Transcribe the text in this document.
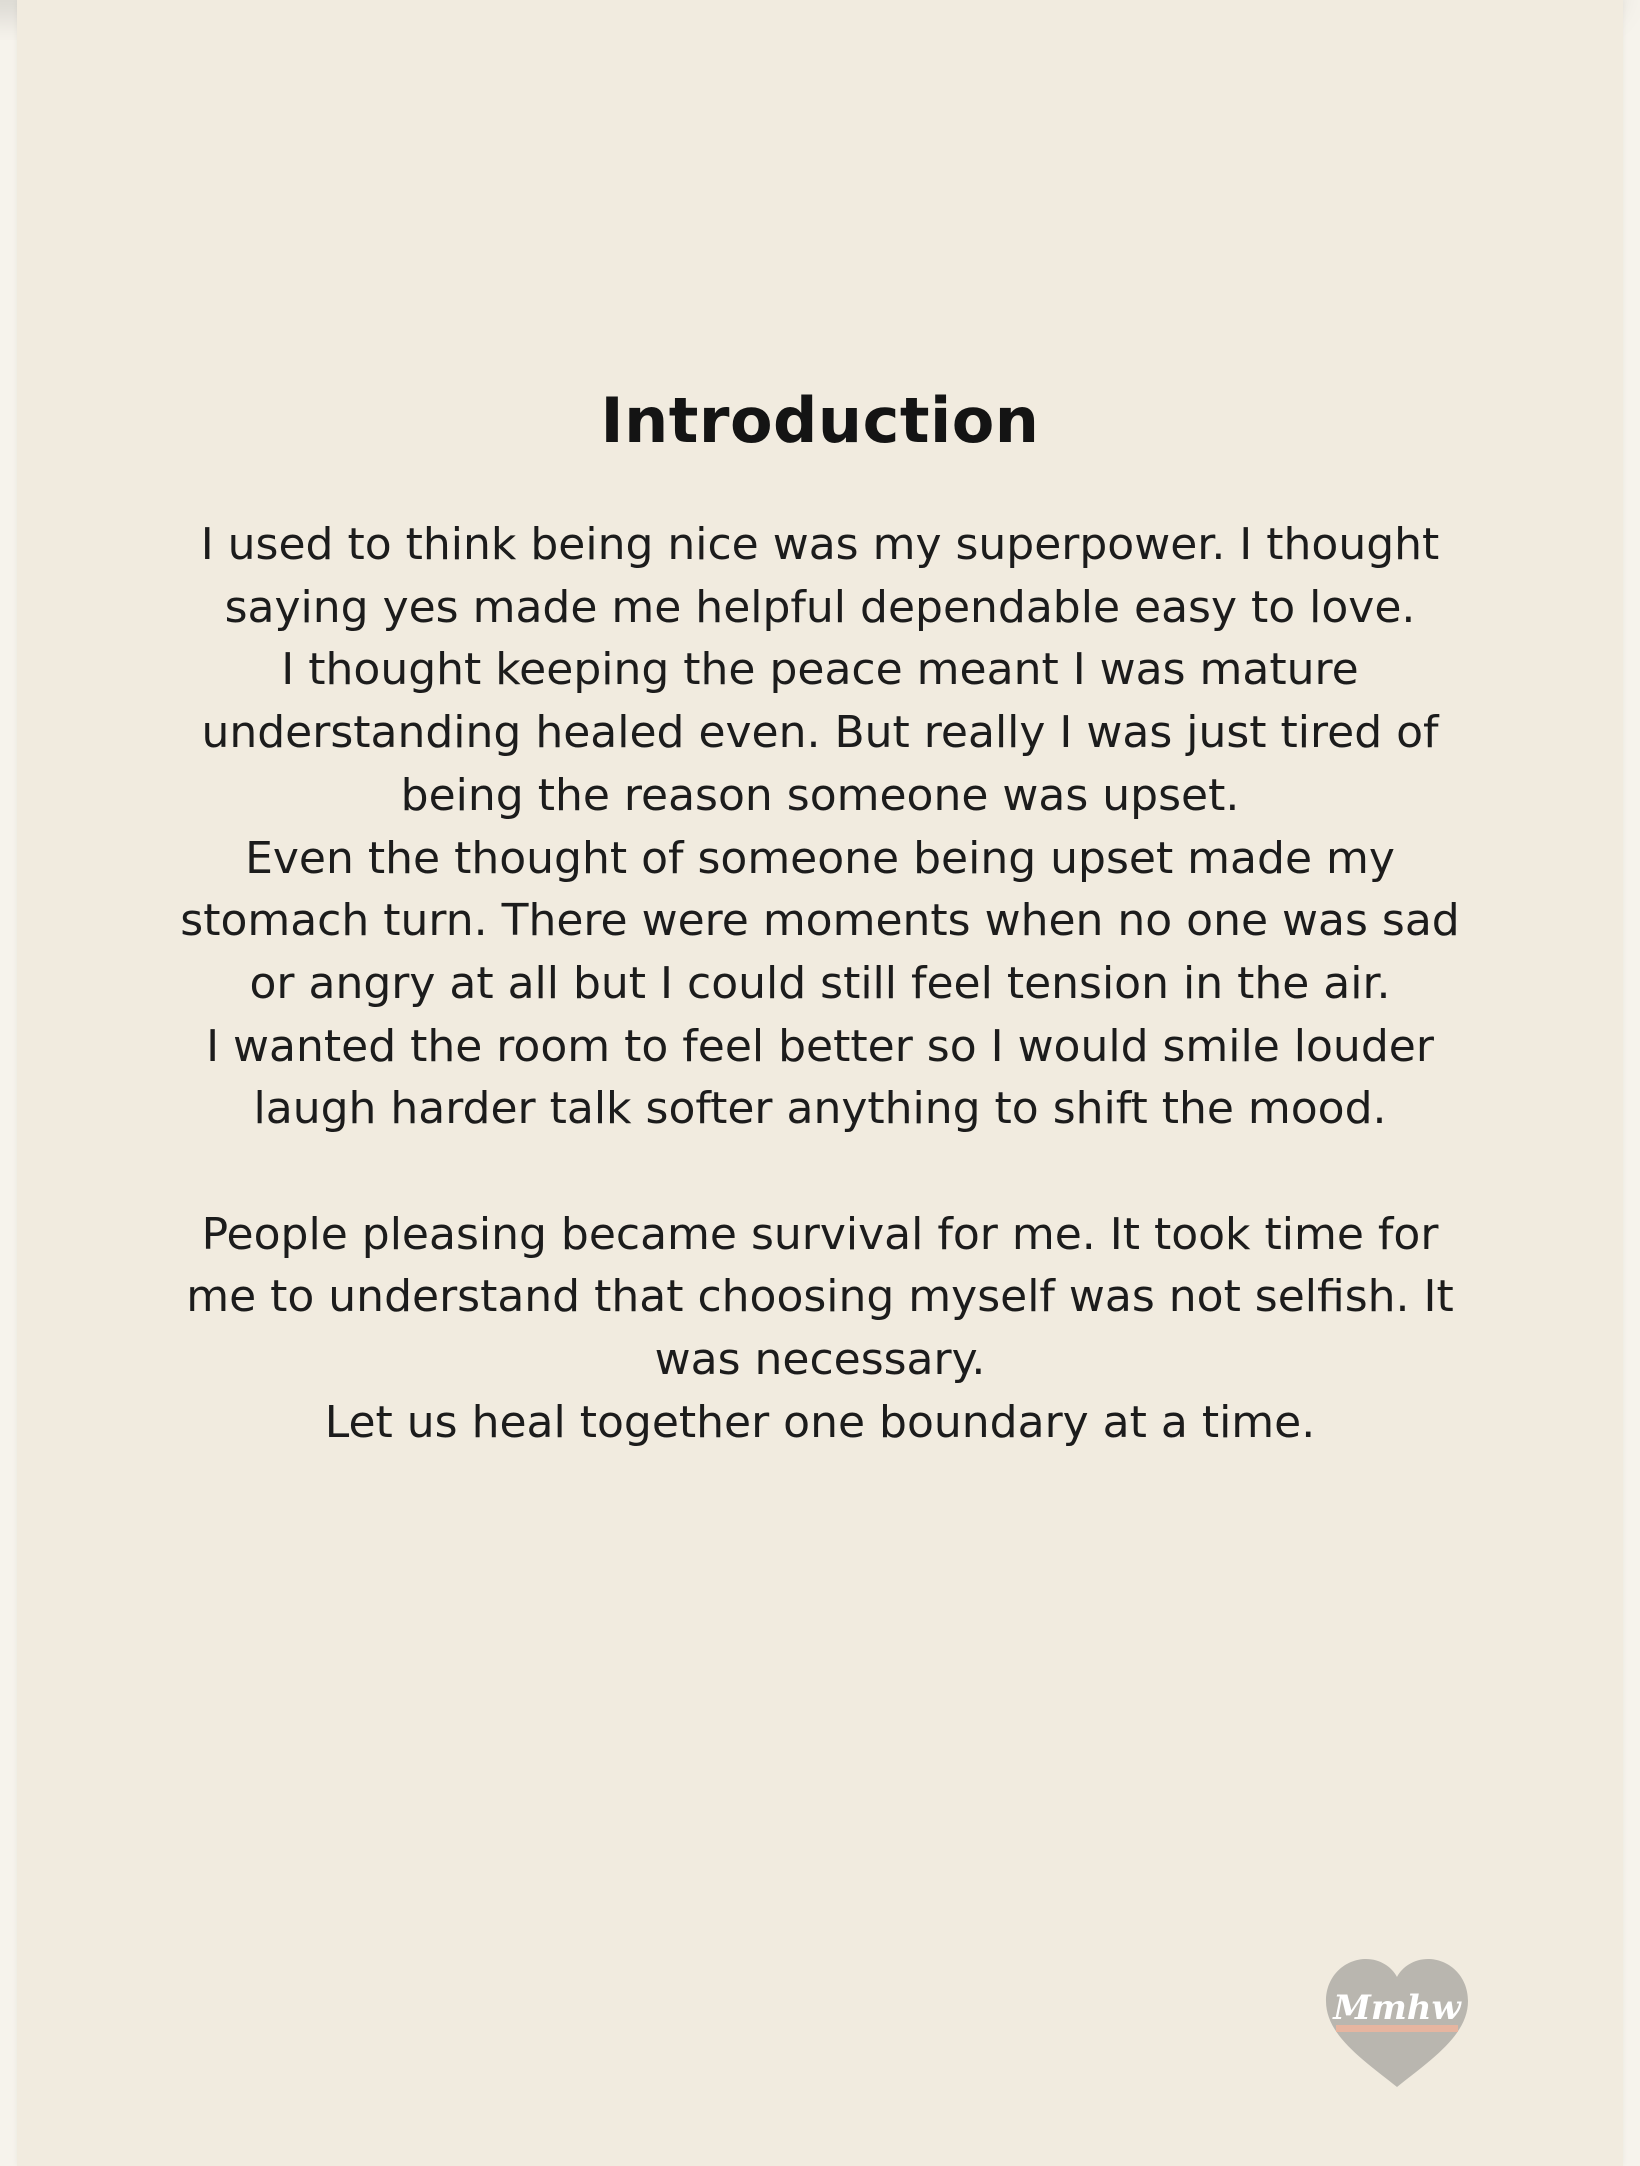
Introduction

I used to think being nice was my superpower. I thought saying yes made me helpful dependable easy to love.

I thought keeping the peace meant I was mature understanding healed even. But really I was just tired of being the reason someone was upset.

Even the thought of someone being upset made my stomach turn. There were moments when no one was sad or angry at all but I could still feel tension in the air.

I wanted the room to feel better so I would smile louder laugh harder talk softer anything to shift the mood.

People pleasing became survival for me. It took time for me to understand that choosing myself was not selfish. It was necessary.

Let us heal together one boundary at a time.

Mmhw
